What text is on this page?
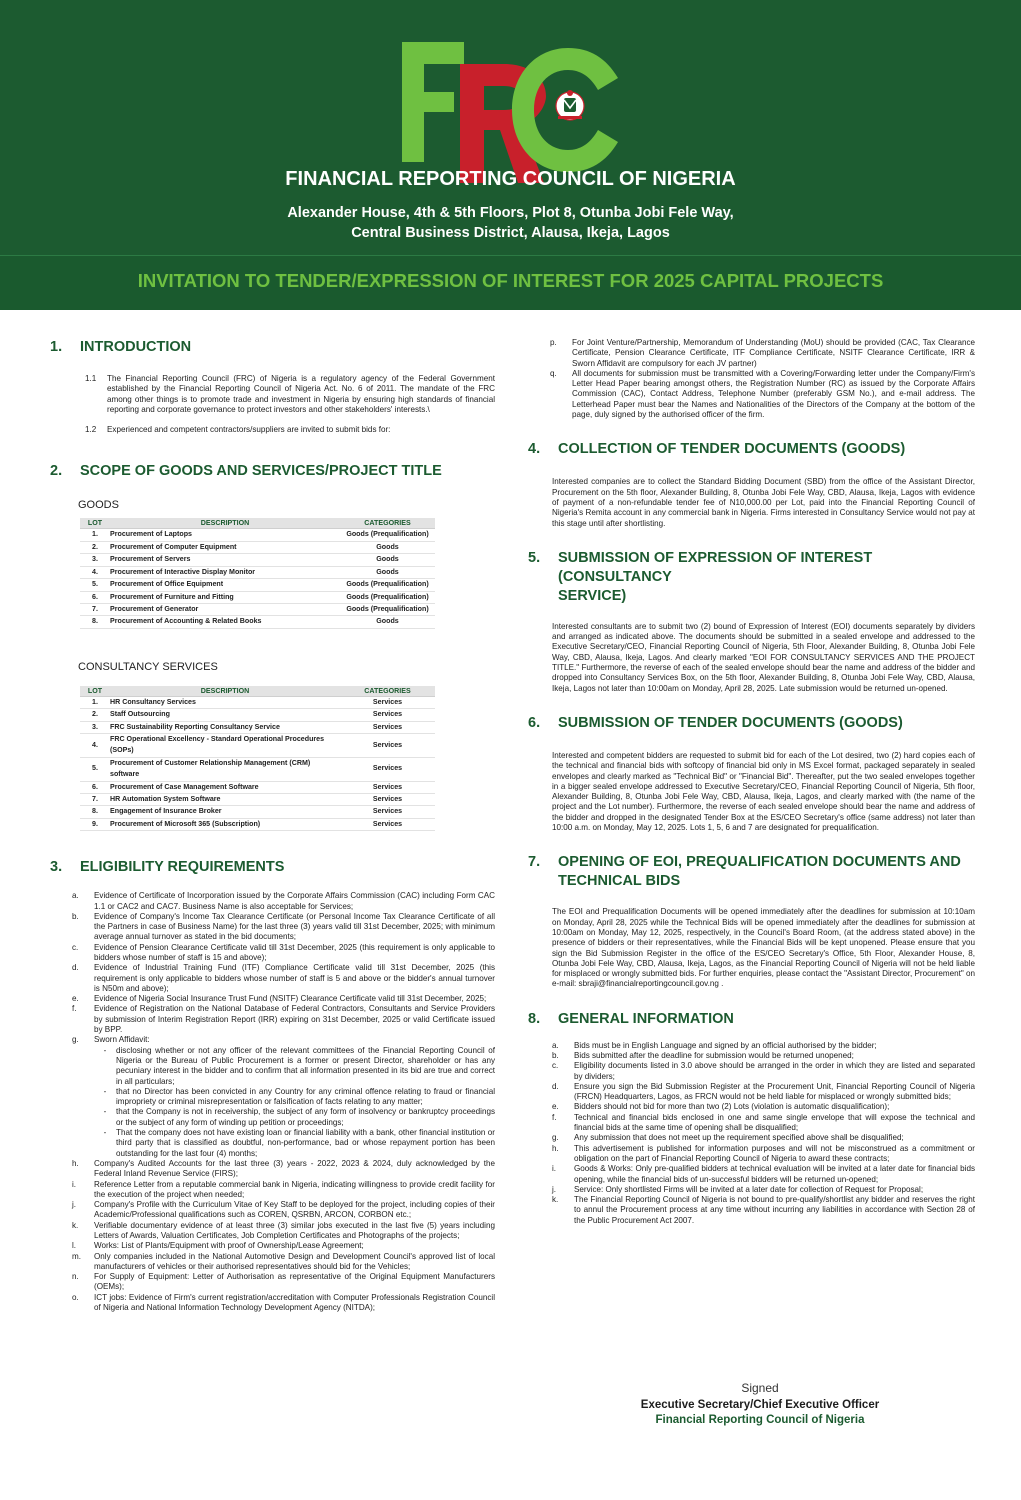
FINANCIAL REPORTING COUNCIL OF NIGERIA
Alexander House, 4th & 5th Floors, Plot 8, Otunba Jobi Fele Way,
Central Business District, Alausa, Ikeja, Lagos
INVITATION TO TENDER/EXPRESSION OF INTEREST FOR 2025 CAPITAL PROJECTS
1.	INTRODUCTION
1.1	The Financial Reporting Council (FRC) of Nigeria is a regulatory agency of the Federal Government established by the Financial Reporting Council of Nigeria Act. No. 6 of 2011. The mandate of the FRC among other things is to promote trade and investment in Nigeria by ensuring high standards of financial reporting and corporate governance to protect investors and other stakeholders' interests.\
1.2	Experienced and competent contractors/suppliers are invited to submit bids for:
2.	SCOPE OF GOODS AND SERVICES/PROJECT TITLE
GOODS
LOT	DESCRIPTION	CATEGORIES
1.	Procurement of Laptops	Goods (Prequalification)
2.	Procurement of Computer Equipment	Goods
3.	Procurement of Servers	Goods
4.	Procurement of Interactive Display Monitor	Goods
5.	Procurement of Office Equipment	Goods (Prequalification)
6.	Procurement of Furniture and Fitting	Goods (Prequalification)
7.	Procurement of Generator	Goods (Prequalification)
8.	Procurement of Accounting & Related Books	Goods
CONSULTANCY SERVICES
LOT	DESCRIPTION	CATEGORIES
1.	HR Consultancy Services	Services
2.	Staff Outsourcing	Services
3.	FRC Sustainability Reporting Consultancy Service	Services
4.	FRC Operational Excellency - Standard Operational Procedures (SOPs)	Services
5.	Procurement of Customer Relationship Management (CRM) software	Services
6.	Procurement of Case Management Software	Services
7.	HR Automation System Software	Services
8.	Engagement of Insurance Broker	Services
9.	Procurement of Microsoft 365 (Subscription)	Services
3.	ELIGIBILITY REQUIREMENTS
a.	Evidence of Certificate of Incorporation issued by the Corporate Affairs Commission (CAC) including Form CAC 1.1 or CAC2 and CAC7. Business Name is also acceptable for Services;
b.	Evidence of Company's Income Tax Clearance Certificate (or Personal Income Tax Clearance Certificate of all the Partners in case of Business Name) for the last three (3) years valid till 31st December, 2025; with minimum average annual turnover as stated in the bid documents;
c.	Evidence of Pension Clearance Certificate valid till 31st December, 2025 (this requirement is only applicable to bidders whose number of staff is 15 and above);
d.	Evidence of Industrial Training Fund (ITF) Compliance Certificate valid till 31st December, 2025 (this requirement is only applicable to bidders whose number of staff is 5 and above or the bidder's annual turnover is N50m and above);
e.	Evidence of Nigeria Social Insurance Trust Fund (NSITF) Clearance Certificate valid till 31st December, 2025;
f.	Evidence of Registration on the National Database of Federal Contractors, Consultants and Service Providers by submission of Interim Registration Report (IRR) expiring on 31st December, 2025 or valid Certificate issued by BPP.
g.	Sworn Affidavit:
-	disclosing whether or not any officer of the relevant committees of the Financial Reporting Council of Nigeria or the Bureau of Public Procurement is a former or present Director, shareholder or has any pecuniary interest in the bidder and to confirm that all information presented in its bid are true and correct in all particulars;
-	that no Director has been convicted in any Country for any criminal offence relating to fraud or financial impropriety or criminal misrepresentation or falsification of facts relating to any matter;
-	that the Company is not in receivership, the subject of any form of insolvency or bankruptcy proceedings or the subject of any form of winding up petition or proceedings;
-	That the company does not have existing loan or financial liability with a bank, other financial institution or third party that is classified as doubtful, non-performance, bad or whose repayment portion has been outstanding for the last four (4) months;
h.	Company's Audited Accounts for the last three (3) years - 2022, 2023 & 2024, duly acknowledged by the Federal Inland Revenue Service (FIRS);
i.	Reference Letter from a reputable commercial bank in Nigeria, indicating willingness to provide credit facility for the execution of the project when needed;
j.	Company's Profile with the Curriculum Vitae of Key Staff to be deployed for the project, including copies of their Academic/Professional qualifications such as COREN, QSRBN, ARCON, CORBON etc.;
k.	Verifiable documentary evidence of at least three (3) similar jobs executed in the last five (5) years including Letters of Awards, Valuation Certificates, Job Completion Certificates and Photographs of the projects;
l.	Works: List of Plants/Equipment with proof of Ownership/Lease Agreement;
m.	Only companies included in the National Automotive Design and Development Council's approved list of local manufacturers of vehicles or their authorised representatives should bid for the Vehicles;
n.	For Supply of Equipment: Letter of Authorisation as representative of the Original Equipment Manufacturers (OEMs);
o.	ICT jobs: Evidence of Firm's current registration/accreditation with Computer Professionals Registration Council of Nigeria and National Information Technology Development Agency (NITDA);
p.	For Joint Venture/Partnership, Memorandum of Understanding (MoU) should be provided (CAC, Tax Clearance Certificate, Pension Clearance Certificate, ITF Compliance Certificate, NSITF Clearance Certificate, IRR & Sworn Affidavit are compulsory for each JV partner)
q.	All documents for submission must be transmitted with a Covering/Forwarding letter under the Company/Firm's Letter Head Paper bearing amongst others, the Registration Number (RC) as issued by the Corporate Affairs Commission (CAC), Contact Address, Telephone Number (preferably GSM No.), and e-mail address. The Letterhead Paper must bear the Names and Nationalities of the Directors of the Company at the bottom of the page, duly signed by the authorised officer of the firm.
4.	COLLECTION OF TENDER DOCUMENTS (GOODS)
Interested companies are to collect the Standard Bidding Document (SBD) from the office of the Assistant Director, Procurement on the 5th floor, Alexander Building, 8, Otunba Jobi Fele Way, CBD, Alausa, Ikeja, Lagos with evidence of payment of a non-refundable tender fee of N10,000.00 per Lot, paid into the Financial Reporting Council of Nigeria's Remita account in any commercial bank in Nigeria. Firms interested in Consultancy Service would not pay at this stage until after shortlisting.
5.	SUBMISSION OF EXPRESSION OF INTEREST (CONSULTANCY
SERVICE)
Interested consultants are to submit two (2) bound of Expression of Interest (EOI) documents separately by dividers and arranged as indicated above. The documents should be submitted in a sealed envelope and addressed to the Executive Secretary/CEO, Financial Reporting Council of Nigeria, 5th Floor, Alexander Building, 8, Otunba Jobi Fele Way, CBD, Alausa, Ikeja, Lagos. And clearly marked "EOI FOR CONSULTANCY SERVICES AND THE PROJECT TITLE." Furthermore, the reverse of each of the sealed envelope should bear the name and address of the bidder and dropped into Consultancy Services Box, on the 5th floor, Alexander Building, 8, Otunba Jobi Fele Way, CBD, Alausa, Ikeja, Lagos not later than 10:00am on Monday, April 28, 2025. Late submission would be returned un-opened.
6.	SUBMISSION OF TENDER DOCUMENTS (GOODS)
Interested and competent bidders are requested to submit bid for each of the Lot desired, two (2) hard copies each of the technical and financial bids with softcopy of financial bid only in MS Excel format, packaged separately in sealed envelopes and clearly marked as "Technical Bid" or "Financial Bid". Thereafter, put the two sealed envelopes together in a bigger sealed envelope addressed to Executive Secretary/CEO, Financial Reporting Council of Nigeria, 5th floor, Alexander Building, 8, Otunba Jobi Fele Way, CBD, Alausa, Ikeja, Lagos, and clearly marked with (the name of the project and the Lot number). Furthermore, the reverse of each sealed envelope should bear the name and address of the bidder and dropped in the designated Tender Box at the ES/CEO Secretary's office (same address) not later than 10:00 a.m. on Monday, May 12, 2025. Lots 1, 5, 6 and 7 are designated for prequalification.
7.	OPENING OF EOI, PREQUALIFICATION DOCUMENTS AND
TECHNICAL BIDS
The EOI and Prequalification Documents will be opened immediately after the deadlines for submission at 10:10am on Monday, April 28, 2025 while the Technical Bids will be opened immediately after the deadlines for submission at 10:00am on Monday, May 12, 2025, respectively, in the Council's Board Room, (at the address stated above) in the presence of bidders or their representatives, while the Financial Bids will be kept unopened. Please ensure that you sign the Bid Submission Register in the office of the ES/CEO Secretary's Office, 5th Floor, Alexander House, 8, Otunba Jobi Fele Way, CBD, Alausa, Ikeja, Lagos, as the Financial Reporting Council of Nigeria will not be held liable for misplaced or wrongly submitted bids. For further enquiries, please contact the "Assistant Director, Procurement" on e-mail: sbraji@financialreportingcouncil.gov.ng .
8.	GENERAL INFORMATION
a.	Bids must be in English Language and signed by an official authorised by the bidder;
b.	Bids submitted after the deadline for submission would be returned unopened;
c.	Eligibility documents listed in 3.0 above should be arranged in the order in which they are listed and separated by dividers;
d.	Ensure you sign the Bid Submission Register at the Procurement Unit, Financial Reporting Council of Nigeria (FRCN) Headquarters, Lagos, as FRCN would not be held liable for misplaced or wrongly submitted bids;
e.	Bidders should not bid for more than two (2) Lots (violation is automatic disqualification);
f.	Technical and financial bids enclosed in one and same single envelope that will expose the technical and financial bids at the same time of opening shall be disqualified;
g.	Any submission that does not meet up the requirement specified above shall be disqualified;
h.	This advertisement is published for information purposes and will not be misconstrued as a commitment or obligation on the part of Financial Reporting Council of Nigeria to award these contracts;
i.	Goods & Works: Only pre-qualified bidders at technical evaluation will be invited at a later date for financial bids opening, while the financial bids of un-successful bidders will be returned un-opened;
j.	Service: Only shortlisted Firms will be invited at a later date for collection of Request for Proposal;
k.	The Financial Reporting Council of Nigeria is not bound to pre-qualify/shortlist any bidder and reserves the right to annul the Procurement process at any time without incurring any liabilities in accordance with Section 28 of the Public Procurement Act 2007.
Signed
Executive Secretary/Chief Executive Officer
Financial Reporting Council of Nigeria
